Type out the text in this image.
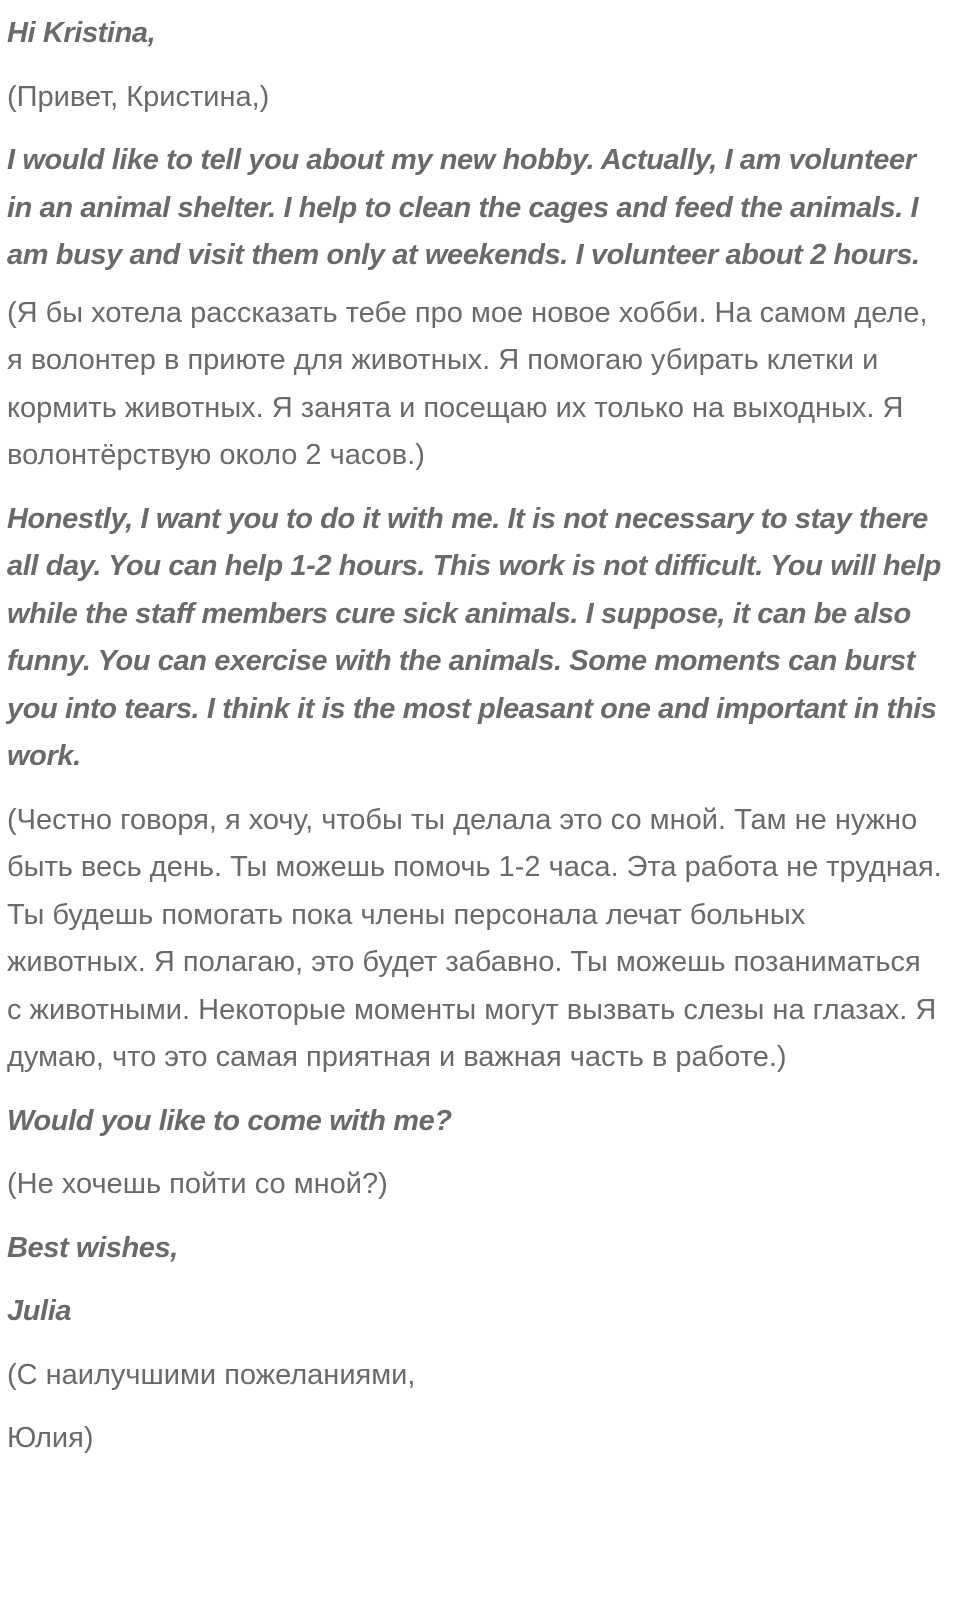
Hi Kristina,

(Привет, Кристина,)

I would like to tell you about my new hobby. Actually, I am volunteer in an animal shelter. I help to clean the cages and feed the animals. I am busy and visit them only at weekends. I volunteer about 2 hours.

(Я бы хотела рассказать тебе про мое новое хобби. На самом деле, я волонтер в приюте для животных. Я помогаю убирать клетки и кормить животных. Я занята и посещаю их только на выходных. Я волонтёрствую около 2 часов.)

Honestly, I want you to do it with me. It is not necessary to stay there all day. You can help 1-2 hours. This work is not difficult. You will help while the staff members cure sick animals. I suppose, it can be also funny. You can exercise with the animals. Some moments can burst you into tears. I think it is the most pleasant one and important in this work.

(Честно говоря, я хочу, чтобы ты делала это со мной. Там не нужно быть весь день. Ты можешь помочь 1-2 часа. Эта работа не трудная. Ты будешь помогать пока члены персонала лечат больных животных. Я полагаю, это будет забавно. Ты можешь позаниматься с животными. Некоторые моменты могут вызвать слезы на глазах. Я думаю, что это самая приятная и важная часть в работе.)

Would you like to come with me?

(Не хочешь пойти со мной?)

Best wishes,

Julia

(С наилучшими пожеланиями,

Юлия)
